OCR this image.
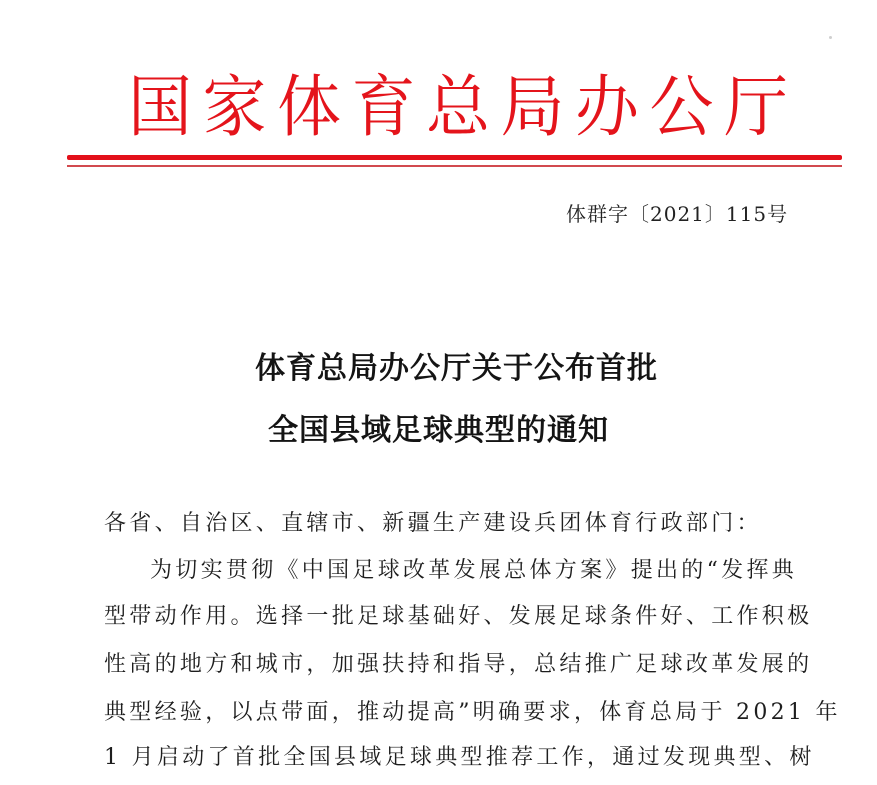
国 家 体 育 总 局 办 公 厅
体群字〔2021〕115号
体育总局办公厅关于公布首批
全国县域足球典型的通知
各省、自治区、直辖市、新疆生产建设兵团体育行政部门：
为切实贯彻《中国足球改革发展总体方案》提出的“发挥典
型带动作用。选择一批足球基础好、发展足球条件好、工作积极
性高的地方和城市，加强扶持和指导，总结推广足球改革发展的
典型经验，以点带面，推动提高”明确要求，体育总局于 2021 年
1 月启动了首批全国县域足球典型推荐工作，通过发现典型、树
